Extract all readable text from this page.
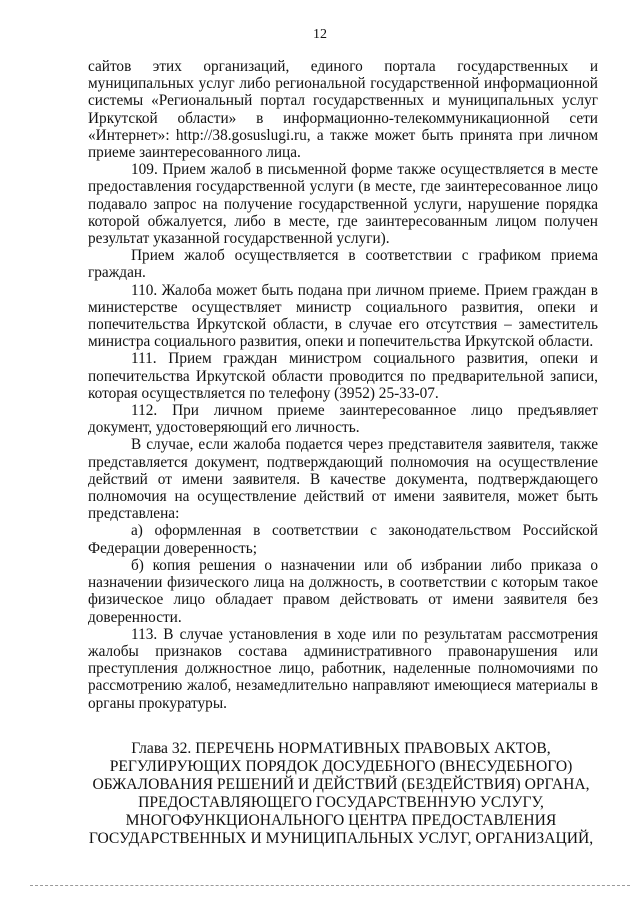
12

сайтов этих организаций, единого портала государственных и муниципальных услуг либо региональной государственной информационной системы «Региональный портал государственных и муниципальных услуг Иркутской области» в информационно-телекоммуникационной сети «Интернет»: http://38.gosuslugi.ru, а также может быть принята при личном приеме заинтересованного лица.

109. Прием жалоб в письменной форме также осуществляется в месте предоставления государственной услуги (в месте, где заинтересованное лицо подавало запрос на получение государственной услуги, нарушение порядка которой обжалуется, либо в месте, где заинтересованным лицом получен результат указанной государственной услуги).

Прием жалоб осуществляется в соответствии с графиком приема граждан.

110. Жалоба может быть подана при личном приеме. Прием граждан в министерстве осуществляет министр социального развития, опеки и попечительства Иркутской области, в случае его отсутствия – заместитель министра социального развития, опеки и попечительства Иркутской области.

111. Прием граждан министром социального развития, опеки и попечительства Иркутской области проводится по предварительной записи, которая осуществляется по телефону (3952) 25-33-07.

112. При личном приеме заинтересованное лицо предъявляет документ, удостоверяющий его личность.

В случае, если жалоба подается через представителя заявителя, также представляется документ, подтверждающий полномочия на осуществление действий от имени заявителя. В качестве документа, подтверждающего полномочия на осуществление действий от имени заявителя, может быть представлена:

а) оформленная в соответствии с законодательством Российской Федерации доверенность;

б) копия решения о назначении или об избрании либо приказа о назначении физического лица на должность, в соответствии с которым такое физическое лицо обладает правом действовать от имени заявителя без доверенности.

113. В случае установления в ходе или по результатам рассмотрения жалобы признаков состава административного правонарушения или преступления должностное лицо, работник, наделенные полномочиями по рассмотрению жалоб, незамедлительно направляют имеющиеся материалы в органы прокуратуры.

Глава 32. ПЕРЕЧЕНЬ НОРМАТИВНЫХ ПРАВОВЫХ АКТОВ,
РЕГУЛИРУЮЩИХ ПОРЯДОК ДОСУДЕБНОГО (ВНЕСУДЕБНОГО)
ОБЖАЛОВАНИЯ РЕШЕНИЙ И ДЕЙСТВИЙ (БЕЗДЕЙСТВИЯ) ОРГАНА,
ПРЕДОСТАВЛЯЮЩЕГО ГОСУДАРСТВЕННУЮ УСЛУГУ,
МНОГОФУНКЦИОНАЛЬНОГО ЦЕНТРА ПРЕДОСТАВЛЕНИЯ
ГОСУДАРСТВЕННЫХ И МУНИЦИПАЛЬНЫХ УСЛУГ, ОРГАНИЗАЦИЙ,
